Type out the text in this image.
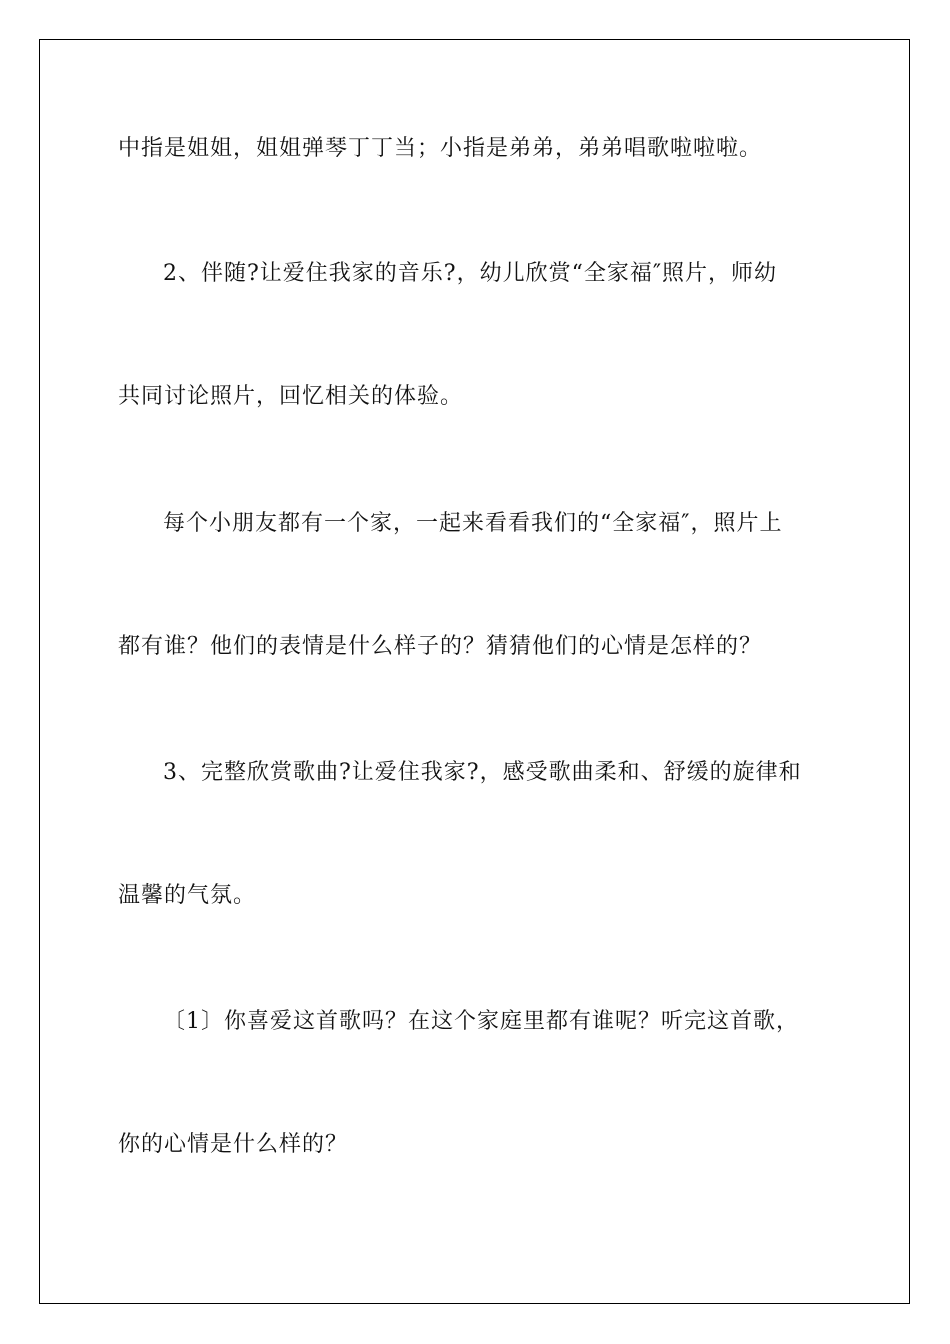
中指是姐姐，姐姐弹琴丁丁当；小指是弟弟，弟弟唱歌啦啦啦。
2、伴随?让爱住我家的音乐?，幼儿欣赏“全家福″照片，师幼
共同讨论照片，回忆相关的体验。
每个小朋友都有一个家，一起来看看我们的“全家福″，照片上
都有谁？他们的表情是什么样子的？猜猜他们的心情是怎样的？
3、完整欣赏歌曲?让爱住我家?，感受歌曲柔和、舒缓的旋律和
温馨的气氛。
〔1〕你喜爱这首歌吗？在这个家庭里都有谁呢？听完这首歌，
你的心情是什么样的？
